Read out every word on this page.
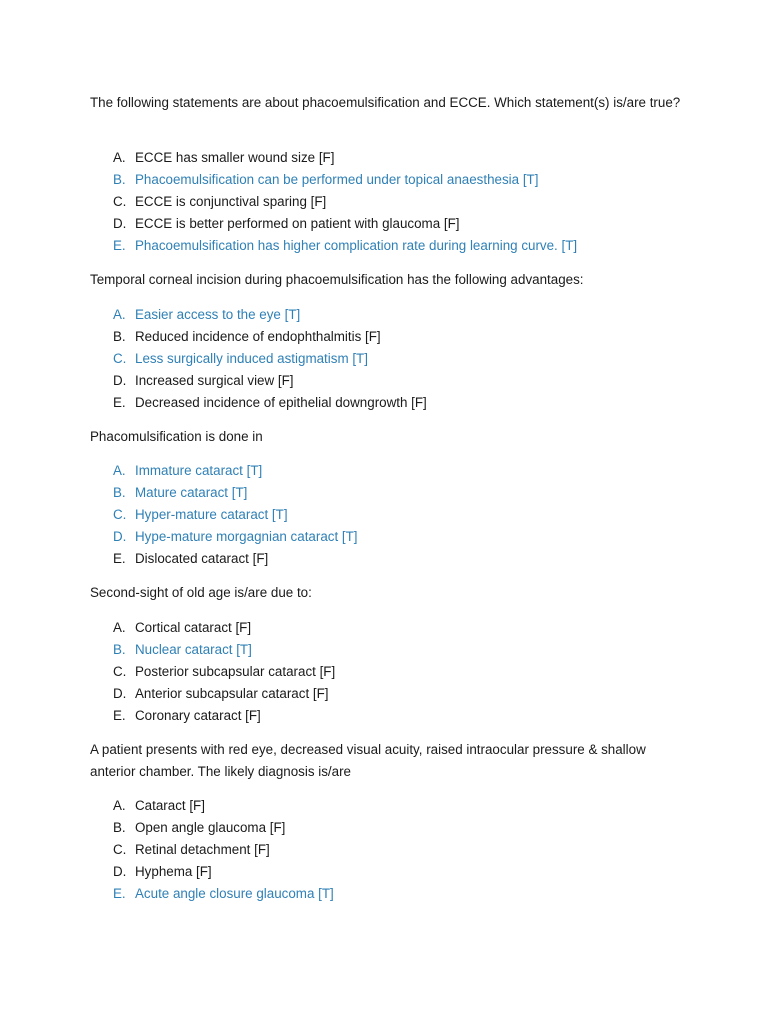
The following statements are about phacoemulsification and ECCE. Which statement(s) is/are true?
A. ECCE has smaller wound size [F]
B. Phacoemulsification can be performed under topical anaesthesia [T]
C. ECCE is conjunctival sparing [F]
D. ECCE is better performed on patient with glaucoma [F]
E. Phacoemulsification has higher complication rate during learning curve. [T]
Temporal corneal incision during phacoemulsification has the following advantages:
A. Easier access to the eye [T]
B. Reduced incidence of endophthalmitis [F]
C. Less surgically induced astigmatism [T]
D. Increased surgical view [F]
E. Decreased incidence of epithelial downgrowth [F]
Phacomulsification is done in
A. Immature cataract [T]
B. Mature cataract [T]
C. Hyper-mature cataract [T]
D. Hype-mature morgagnian cataract [T]
E. Dislocated cataract [F]
Second-sight of old age is/are due to:
A. Cortical cataract [F]
B. Nuclear cataract [T]
C. Posterior subcapsular cataract [F]
D. Anterior subcapsular cataract [F]
E. Coronary cataract [F]
A patient presents with red eye, decreased visual acuity, raised intraocular pressure & shallow anterior chamber. The likely diagnosis is/are
A. Cataract [F]
B. Open angle glaucoma [F]
C. Retinal detachment [F]
D. Hyphema [F]
E. Acute angle closure glaucoma [T]
